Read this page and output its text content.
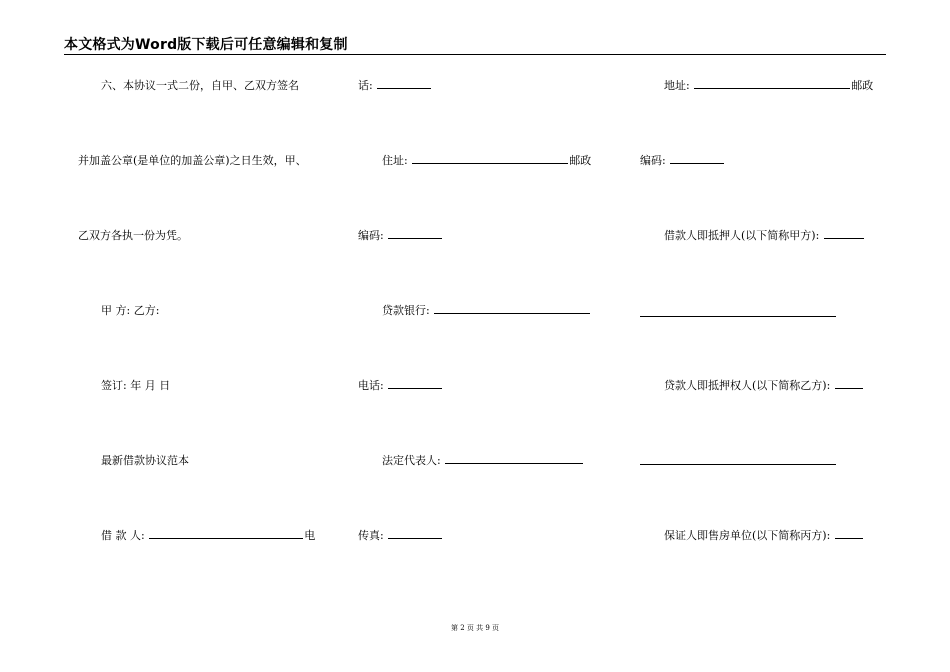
本文格式为Word版下载后可任意编辑和复制
六、本协议一式二份，自甲、乙双方签名
并加盖公章(是单位的加盖公章)之日生效，甲、
乙双方各执一份为凭。
甲 方: 乙方:
签订: 年 月 日
最新借款协议范本
借 款 人:	电
话:
住址:	邮政
编码:
贷款银行:
电话:
法定代表人:
传真:
地址:	邮政
编码:
借款人即抵押人(以下简称甲方):
贷款人即抵押权人(以下简称乙方):
保证人即售房单位(以下简称丙方):
第 2 页 共 9 页
